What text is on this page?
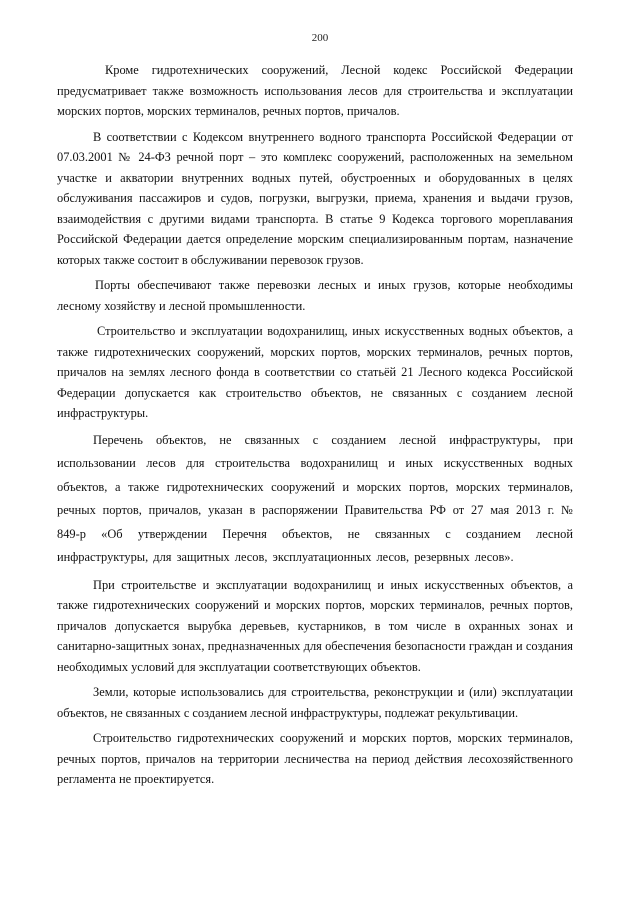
200

Кроме гидротехнических сооружений, Лесной кодекс Российской Федерации предусматривает также возможность использования лесов для строительства и эксплуатации морских портов, морских терминалов, речных портов, причалов.

В соответствии с Кодексом внутреннего водного транспорта Российской Федерации от 07.03.2001 № 24-ФЗ речной порт – это комплекс сооружений, расположенных на земельном участке и акватории внутренних водных путей, обустроенных и оборудованных в целях обслуживания пассажиров и судов, погрузки, выгрузки, приема, хранения и выдачи грузов, взаимодействия с другими видами транспорта. В статье 9 Кодекса торгового мореплавания Российской Федерации дается определение морским специализированным портам, назначение которых также состоит в обслуживании перевозок грузов.

Порты обеспечивают также перевозки лесных и иных грузов, которые необходимы лесному хозяйству и лесной промышленности.

Строительство и эксплуатации водохранилищ, иных искусственных водных объектов, а также гидротехнических сооружений, морских портов, морских терминалов, речных портов, причалов на землях лесного фонда в соответствии со статьёй 21 Лесного кодекса Российской Федерации допускается как строительство объектов, не связанных с созданием лесной инфраструктуры.

Перечень объектов, не связанных с созданием лесной инфраструктуры, при использовании лесов для строительства водохранилищ и иных искусственных водных объектов, а также гидротехнических сооружений и морских портов, морских терминалов, речных портов, причалов, указан в распоряжении Правительства РФ от 27 мая 2013 г. № 849-р «Об утверждении Перечня объектов, не связанных с созданием лесной инфраструктуры, для защитных лесов, эксплуатационных лесов, резервных лесов».

При строительстве и эксплуатации водохранилищ и иных искусственных объектов, а также гидротехнических сооружений и морских портов, морских терминалов, речных портов, причалов допускается вырубка деревьев, кустарников, в том числе в охранных зонах и санитарно-защитных зонах, предназначенных для обеспечения безопасности граждан и создания необходимых условий для эксплуатации соответствующих объектов.

Земли, которые использовались для строительства, реконструкции и (или) эксплуатации объектов, не связанных с созданием лесной инфраструктуры, подлежат рекультивации.

Строительство гидротехнических сооружений и морских портов, морских терминалов, речных портов, причалов на территории лесничества на период действия лесохозяйственного регламента не проектируется.
